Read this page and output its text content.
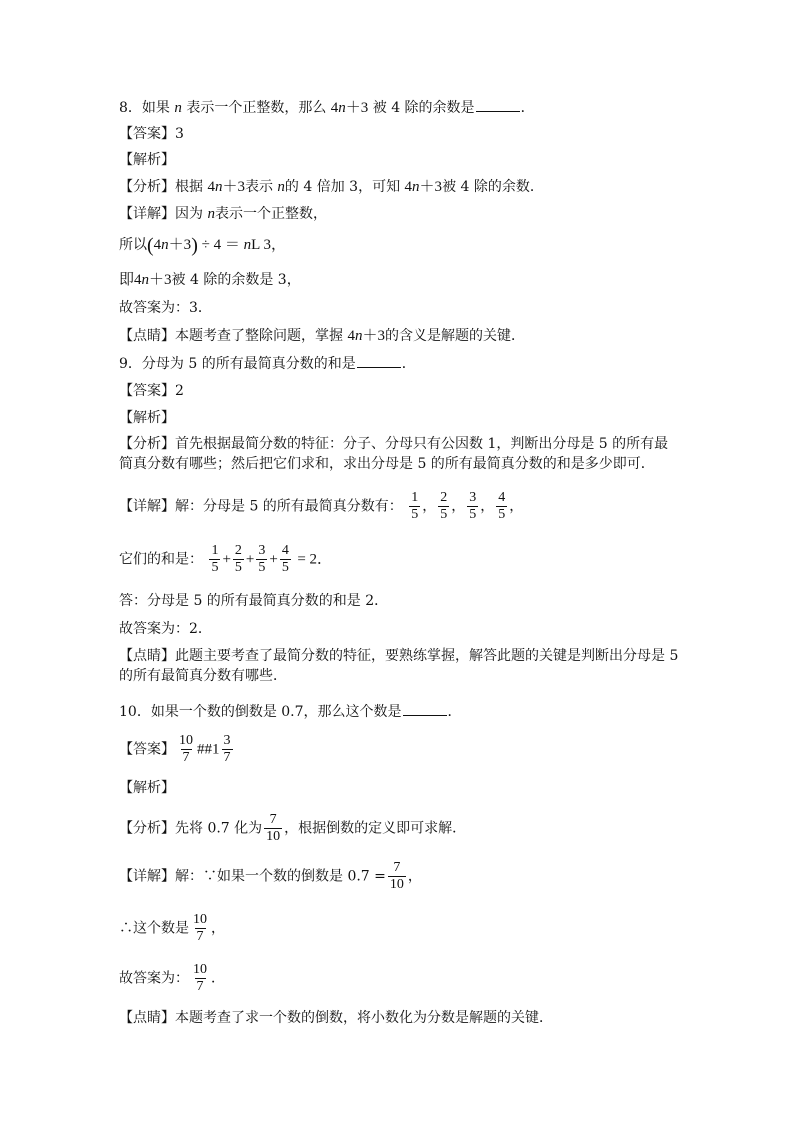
8．如果 n 表示一个正整数，那么 4n＋3 被 4 除的余数是	．
【答案】3
【解析】
【分析】根据 4n＋3表示 n的 4 倍加 3，可知 4n＋3被 4 除的余数．
【详解】因为 n表示一个正整数，
所以(4n＋3) ÷ 4 ＝ nL 3，
即4n＋3被 4 除的余数是 3，
故答案为：3．
【点睛】本题考查了整除问题，掌握 4n＋3的含义是解题的关键．
9．分母为 5 的所有最简真分数的和是	．
【答案】2
【解析】
【分析】首先根据最简分数的特征：分子、分母只有公因数 1，判断出分母是 5 的所有最简真分数有哪些；然后把它们求和，求出分母是 5 的所有最简真分数的和是多少即可．
【详解】解：分母是 5 的所有最简真分数有： $\frac{1}{5}$ ， $\frac{2}{5}$ ， $\frac{3}{5}$ ， $\frac{4}{5}$ ，
它们的和是： $\frac{1}{5} + \frac{2}{5} + \frac{3}{5} + \frac{4}{5} = 2$．
答：分母是 5 的所有最简真分数的和是 2．
故答案为：2．
【点睛】此题主要考查了最简分数的特征，要熟练掌握，解答此题的关键是判断出分母是 5 的所有最简真分数有哪些．
10．如果一个数的倒数是 0.7，那么这个数是	．
【答案】 $\frac{10}{7}$ ##1 $\frac{3}{7}$
【解析】
【分析】先将 0.7 化为 $\frac{7}{10}$ ，根据倒数的定义即可求解．
【详解】解：∵如果一个数的倒数是 $0.7 = \frac{7}{10}$ ，
∴这个数是 $\frac{10}{7}$ ，
故答案为： $\frac{10}{7}$ ．
【点睛】本题考查了求一个数的倒数，将小数化为分数是解题的关键．
